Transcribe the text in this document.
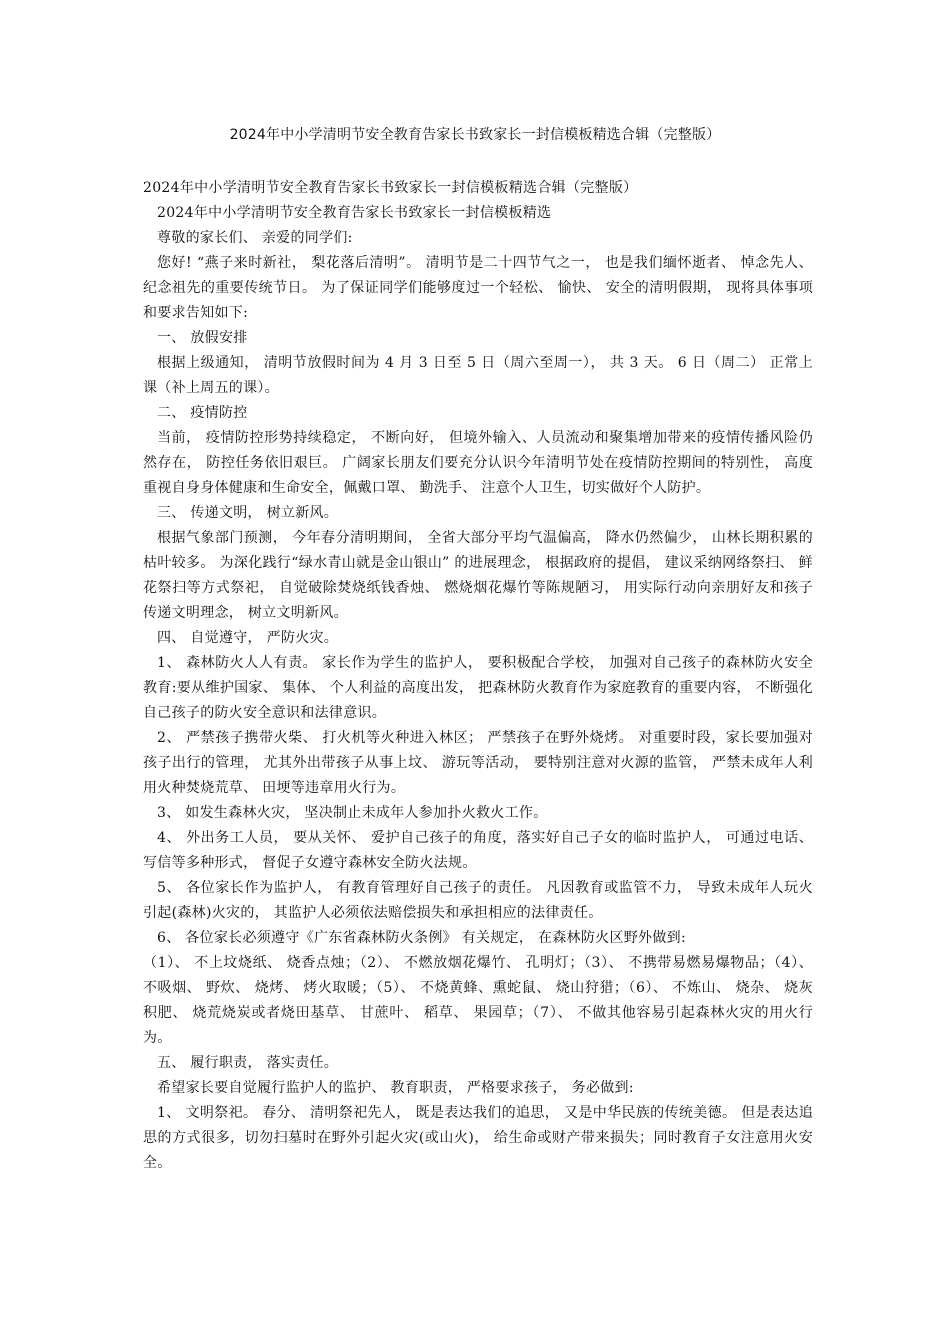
2024年中小学清明节安全教育告家长书致家长一封信模板精选合辑（完整版）

2024年中小学清明节安全教育告家长书致家长一封信模板精选合辑（完整版）

2024年中小学清明节安全教育告家长书致家长一封信模板精选

尊敬的家长们、 亲爱的同学们:

您好! “燕子来时新社， 梨花落后清明”。 清明节是二十四节气之一， 也是我们缅怀逝者、 悼念先人、 纪念祖先的重要传统节日。 为了保证同学们能够度过一个轻松、 愉快、 安全的清明假期， 现将具体事项和要求告知如下:

一、 放假安排

根据上级通知， 清明节放假时间为 4 月 3 日至 5 日（周六至周一）， 共 3 天。 6 日（周二） 正常上课（补上周五的课）。

二、 疫情防控

当前， 疫情防控形势持续稳定， 不断向好， 但境外输入、人员流动和聚集增加带来的疫情传播风险仍然存在， 防控任务依旧艰巨。 广阔家长朋友们要充分认识今年清明节处在疫情防控期间的特别性， 高度重视自身身体健康和生命安全，佩戴口罩、 勤洗手、 注意个人卫生，切实做好个人防护。

三、 传递文明， 树立新风。

根据气象部门预测， 今年春分清明期间， 全省大部分平均气温偏高， 降水仍然偏少， 山林长期积累的枯叶较多。 为深化践行“绿水青山就是金山银山” 的进展理念， 根据政府的提倡， 建议采纳网络祭扫、 鲜花祭扫等方式祭祀， 自觉破除焚烧纸钱香烛、 燃烧烟花爆竹等陈规陋习， 用实际行动向亲朋好友和孩子传递文明理念， 树立文明新风。

四、 自觉遵守， 严防火灾。

1、 森林防火人人有责。 家长作为学生的监护人， 要积极配合学校， 加强对自己孩子的森林防火安全教育:要从维护国家、 集体、 个人利益的高度出发， 把森林防火教育作为家庭教育的重要内容， 不断强化自己孩子的防火安全意识和法律意识。

2、 严禁孩子携带火柴、 打火机等火种进入林区； 严禁孩子在野外烧烤。 对重要时段，家长要加强对孩子出行的管理， 尤其外出带孩子从事上坟、 游玩等活动， 要特别注意对火源的监管， 严禁未成年人利用火种焚烧荒草、 田埂等违章用火行为。

3、 如发生森林火灾， 坚决制止未成年人参加扑火救火工作。

4、 外出务工人员， 要从关怀、 爱护自己孩子的角度，落实好自己子女的临时监护人， 可通过电话、 写信等多种形式， 督促子女遵守森林安全防火法规。

5、 各位家长作为监护人， 有教育管理好自己孩子的责任。 凡因教育或监管不力， 导致未成年人玩火引起(森林)火灾的， 其监护人必须依法赔偿损失和承担相应的法律责任。

6、 各位家长必须遵守《广东省森林防火条例》 有关规定， 在森林防火区野外做到:

（1）、 不上坟烧纸、 烧香点烛；（2）、 不燃放烟花爆竹、 孔明灯；（3）、 不携带易燃易爆物品；（4）、 不吸烟、 野炊、 烧烤、 烤火取暖；（5）、 不烧黄蜂、熏蛇鼠、 烧山狩猎；（6）、 不炼山、 烧杂、 烧灰积肥、 烧荒烧炭或者烧田基草、 甘蔗叶、 稻草、 果园草；（7）、 不做其他容易引起森林火灾的用火行为。

五、 履行职责， 落实责任。

希望家长要自觉履行监护人的监护、 教育职责， 严格要求孩子， 务必做到:

1、 文明祭祀。 春分、 清明祭祀先人， 既是表达我们的追思， 又是中华民族的传统美德。 但是表达追思的方式很多，切勿扫墓时在野外引起火灾(或山火)， 给生命或财产带来损失；同时教育子女注意用火安全。
